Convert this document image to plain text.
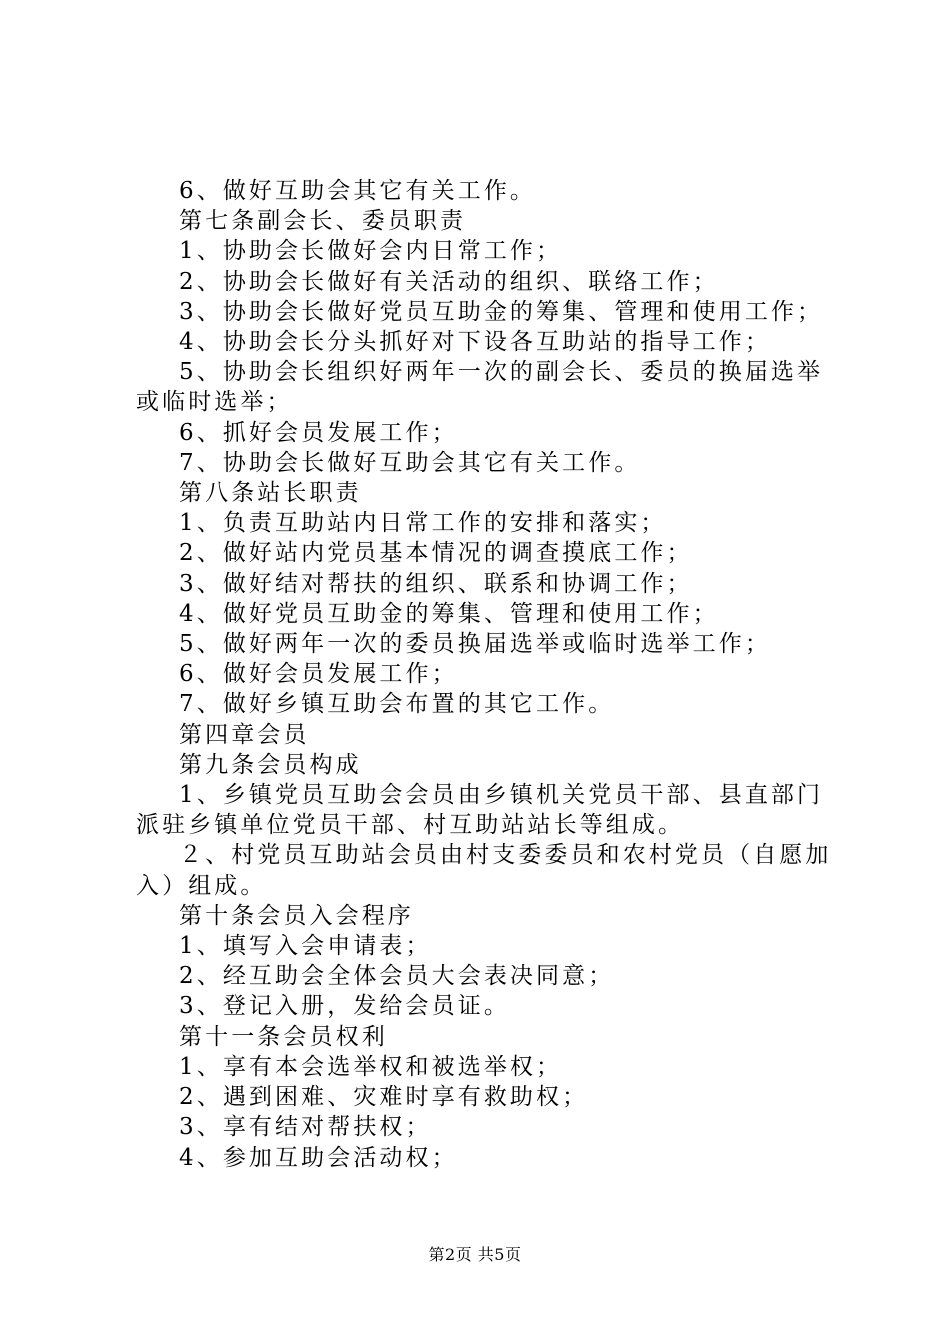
6、做好互助会其它有关工作。

第七条副会长、委员职责

1、协助会长做好会内日常工作；

2、协助会长做好有关活动的组织、联络工作；

3、协助会长做好党员互助金的筹集、管理和使用工作；

4、协助会长分头抓好对下设各互助站的指导工作；

5、协助会长组织好两年一次的副会长、委员的换届选举或临时选举；

6、抓好会员发展工作；

7、协助会长做好互助会其它有关工作。

第八条站长职责

1、负责互助站内日常工作的安排和落实；

2、做好站内党员基本情况的调查摸底工作；

3、做好结对帮扶的组织、联系和协调工作；

4、做好党员互助金的筹集、管理和使用工作；

5、做好两年一次的委员换届选举或临时选举工作；

6、做好会员发展工作；

7、做好乡镇互助会布置的其它工作。

第四章会员

第九条会员构成

1、乡镇党员互助会会员由乡镇机关党员干部、县直部门派驻乡镇单位党员干部、村互助站站长等组成。

２、村党员互助站会员由村支委委员和农村党员（自愿加入）组成。

第十条会员入会程序

1、填写入会申请表；

2、经互助会全体会员大会表决同意；

3、登记入册，发给会员证。

第十一条会员权利

1、享有本会选举权和被选举权；

2、遇到困难、灾难时享有救助权；

3、享有结对帮扶权；

4、参加互助会活动权；

第2页 共5页
